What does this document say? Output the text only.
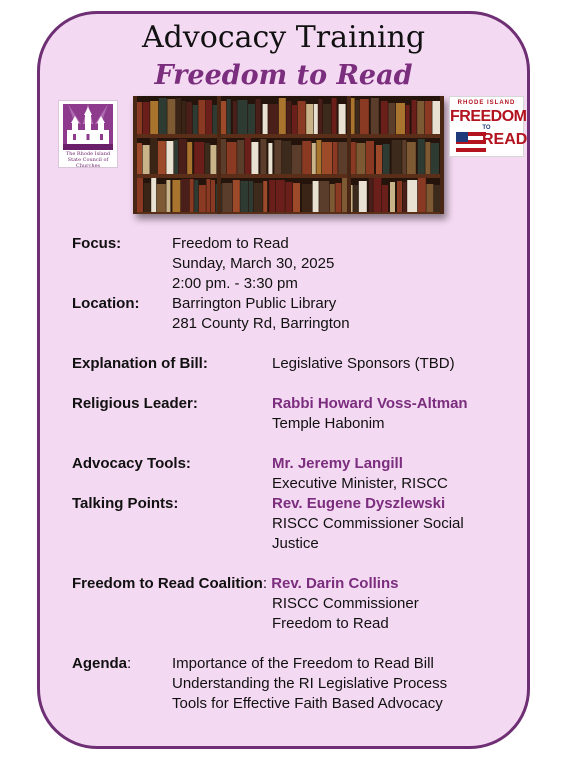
Advocacy Training
Freedom to Read
The Rhode Island State Council of Churches
RHODE ISLAND
FREEDOM
TO
READ
Focus:	Freedom to Read
Sunday, March 30, 2025
2:00 pm. - 3:30 pm
Location: Barrington Public Library
281 County Rd, Barrington
Explanation of Bill:	Legislative Sponsors (TBD)
Religious Leader:	Rabbi Howard Voss-Altman
Temple Habonim
Advocacy Tools:	Mr. Jeremy Langill
Executive Minister, RISCC
Talking Points:	Rev. Eugene Dyszlewski
RISCC Commissioner Social
Justice
Freedom to Read Coalition: Rev. Darin Collins
RISCC Commissioner
Freedom to Read
Agenda:	Importance of the Freedom to Read Bill
Understanding the RI Legislative Process
Tools for Effective Faith Based Advocacy
